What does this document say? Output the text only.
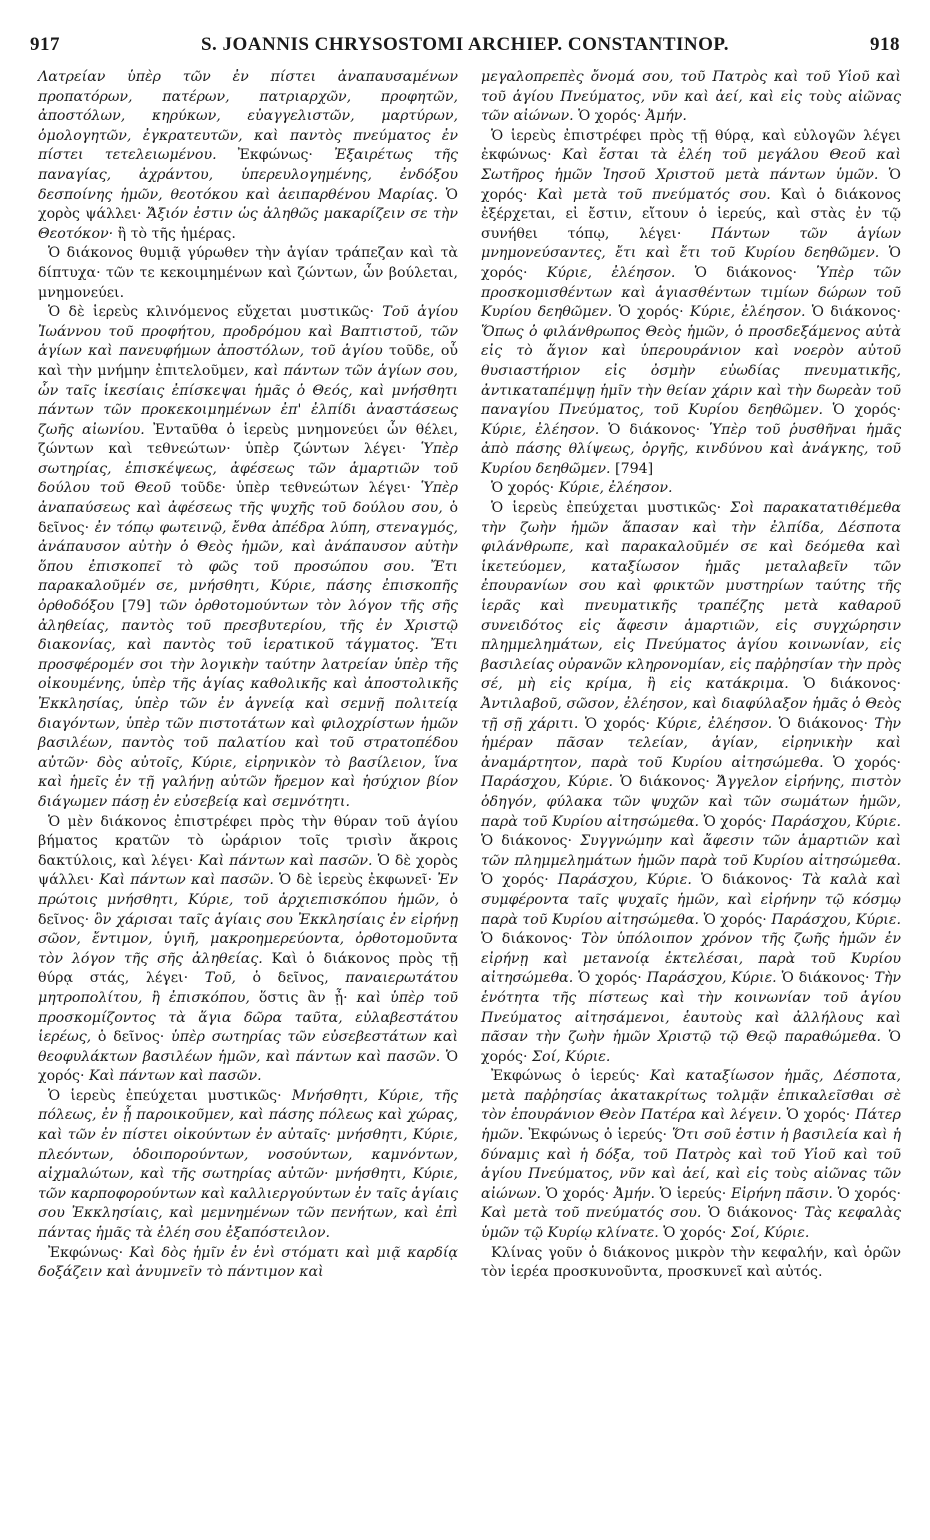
917	S. JOANNIS CHRYSOSTOMI ARCHIEP. CONSTANTINOP.	918

Λατρείαν ὑπὲρ τῶν ἐν πίστει ἀναπαυσαμένων προπατόρων, πατέρων, πατριαρχῶν, προφητῶν, ἀποστόλων, κηρύκων, εὐαγγελιστῶν, μαρτύρων, ὁμολογητῶν, ἐγκρατευτῶν, καὶ παντὸς πνεύματος ἐν πίστει τετελειωμένου. Ἐκφώνως· Ἐξαιρέτως τῆς παναγίας, ἀχράντου, ὑπερευλογημένης, ἐνδόξου δεσποίνης ἡμῶν, θεοτόκου καὶ ἀειπαρθένου Μαρίας. Ὁ χορὸς ψάλλει· Ἄξιόν ἐστιν ὡς ἀληθῶς μακαρίζειν σε τὴν Θεοτόκον· ἢ τὸ τῆς ἡμέρας.

Ὁ διάκονος θυμιᾷ γύρωθεν τὴν ἁγίαν τράπεζαν καὶ τὰ δίπτυχα· τῶν τε κεκοιμημένων καὶ ζώντων, ὧν βούλεται, μνημονεύει.

Ὁ δὲ ἱερεὺς κλινόμενος εὔχεται μυστικῶς· Τοῦ ἁγίου Ἰωάννου τοῦ προφήτου, προδρόμου καὶ Βαπτιστοῦ, τῶν ἁγίων καὶ πανευφήμων ἀποστόλων, τοῦ ἁγίου τοῦδε, οὗ καὶ τὴν μνήμην ἐπιτελοῦμεν, καὶ πάντων τῶν ἁγίων σου, ὧν ταῖς ἱκεσίαις ἐπίσκεψαι ἡμᾶς ὁ Θεός, καὶ μνήσθητι πάντων τῶν προκεκοιμημένων ἐπ' ἐλπίδι ἀναστάσεως ζωῆς αἰωνίου. Ἐνταῦθα ὁ ἱερεὺς μνημονεύει ὧν θέλει, ζώντων καὶ τεθνεώτων· ὑπὲρ ζώντων λέγει· Ὑπὲρ σωτηρίας, ἐπισκέψεως, ἀφέσεως τῶν ἁμαρτιῶν τοῦ δούλου τοῦ Θεοῦ τοῦδε· ὑπὲρ τεθνεώτων λέγει· Ὑπὲρ ἀναπαύσεως καὶ ἀφέσεως τῆς ψυχῆς τοῦ δούλου σου, ὁ δεῖνος· ἐν τόπῳ φωτεινῷ, ἔνθα ἀπέδρα λύπη, στεναγμός, ἀνάπαυσον αὐτὴν ὁ Θεὸς ἡμῶν, καὶ ἀνάπαυσον αὐτὴν ὅπου ἐπισκοπεῖ τὸ φῶς τοῦ προσώπου σου. Ἔτι παρακαλοῦμέν σε, μνήσθητι, Κύριε, πάσης ἐπισκοπῆς ὀρθοδόξου [79] τῶν ὀρθοτομούντων τὸν λόγον τῆς σῆς ἀληθείας, παντὸς τοῦ πρεσβυτερίου, τῆς ἐν Χριστῷ διακονίας, καὶ παντὸς τοῦ ἱερατικοῦ τάγματος. Ἔτι προσφέρομέν σοι τὴν λογικὴν ταύτην λατρείαν ὑπὲρ τῆς οἰκουμένης, ὑπὲρ τῆς ἁγίας καθολικῆς καὶ ἀποστολικῆς Ἐκκλησίας, ὑπὲρ τῶν ἐν ἁγνείᾳ καὶ σεμνῇ πολιτείᾳ διαγόντων, ὑπὲρ τῶν πιστοτάτων καὶ φιλοχρίστων ἡμῶν βασιλέων, παντὸς τοῦ παλατίου καὶ τοῦ στρατοπέδου αὐτῶν· δὸς αὐτοῖς, Κύριε, εἰρηνικὸν τὸ βασίλειον, ἵνα καὶ ἡμεῖς ἐν τῇ γαλήνῃ αὐτῶν ἤρεμον καὶ ἡσύχιον βίον διάγωμεν πάσῃ ἐν εὐσεβείᾳ καὶ σεμνότητι.

Ὁ μὲν διάκονος ἐπιστρέφει πρὸς τὴν θύραν τοῦ ἁγίου βήματος κρατῶν τὸ ὠράριον τοῖς τρισὶν ἄκροις δακτύλοις, καὶ λέγει· Καὶ πάντων καὶ πασῶν. Ὁ δὲ χορὸς ψάλλει· Καὶ πάντων καὶ πασῶν. Ὁ δὲ ἱερεὺς ἐκφωνεῖ· Ἐν πρώτοις μνήσθητι, Κύριε, τοῦ ἀρχιεπισκόπου ἡμῶν, ὁ δεῖνος· ὃν χάρισαι ταῖς ἁγίαις σου Ἐκκλησίαις ἐν εἰρήνῃ σῶον, ἔντιμον, ὑγιῆ, μακροημερεύοντα, ὀρθοτομοῦντα τὸν λόγον τῆς σῆς ἀληθείας. Καὶ ὁ διάκονος πρὸς τῇ θύρᾳ στάς, λέγει· Τοῦ, ὁ δεῖνος, παναιερωτάτου μητροπολίτου, ἢ ἐπισκόπου, ὅστις ἂν ᾖ· καὶ ὑπὲρ τοῦ προσκομίζοντος τὰ ἅγια δῶρα ταῦτα, εὐλαβεστάτου ἱερέως, ὁ δεῖνος· ὑπὲρ σωτηρίας τῶν εὐσεβεστάτων καὶ θεοφυλάκτων βασιλέων ἡμῶν, καὶ πάντων καὶ πασῶν. Ὁ χορός· Καὶ πάντων καὶ πασῶν.

Ὁ ἱερεὺς ἐπεύχεται μυστικῶς· Μνήσθητι, Κύριε, τῆς πόλεως, ἐν ᾗ παροικοῦμεν, καὶ πάσης πόλεως καὶ χώρας, καὶ τῶν ἐν πίστει οἰκούντων ἐν αὐταῖς· μνήσθητι, Κύριε, πλεόντων, ὁδοιπορούντων, νοσούντων, καμνόντων, αἰχμαλώτων, καὶ τῆς σωτηρίας αὐτῶν· μνήσθητι, Κύριε, τῶν καρποφορούντων καὶ καλλιεργούντων ἐν ταῖς ἁγίαις σου Ἐκκλησίαις, καὶ μεμνημένων τῶν πενήτων, καὶ ἐπὶ πάντας ἡμᾶς τὰ ἐλέη σου ἐξαπόστειλον.

Ἐκφώνως· Καὶ δὸς ἡμῖν ἐν ἑνὶ στόματι καὶ μιᾷ καρδίᾳ δοξάζειν καὶ ἀνυμνεῖν τὸ πάντιμον καὶ

μεγαλοπρεπὲς ὄνομά σου, τοῦ Πατρὸς καὶ τοῦ Υἱοῦ καὶ τοῦ ἁγίου Πνεύματος, νῦν καὶ ἀεί, καὶ εἰς τοὺς αἰῶνας τῶν αἰώνων. Ὁ χορός· Ἀμήν.

Ὁ ἱερεὺς ἐπιστρέφει πρὸς τῇ θύρᾳ, καὶ εὐλογῶν λέγει ἐκφώνως· Καὶ ἔσται τὰ ἐλέη τοῦ μεγάλου Θεοῦ καὶ Σωτῆρος ἡμῶν Ἰησοῦ Χριστοῦ μετὰ πάντων ὑμῶν. Ὁ χορός· Καὶ μετὰ τοῦ πνεύματός σου. Καὶ ὁ διάκονος ἐξέρχεται, εἰ ἔστιν, εἴτουν ὁ ἱερεύς, καὶ στὰς ἐν τῷ συνήθει τόπῳ, λέγει· Πάντων τῶν ἁγίων μνημονεύσαντες, ἔτι καὶ ἔτι τοῦ Κυρίου δεηθῶμεν. Ὁ χορός· Κύριε, ἐλέησον. Ὁ διάκονος· Ὑπὲρ τῶν προσκομισθέντων καὶ ἁγιασθέντων τιμίων δώρων τοῦ Κυρίου δεηθῶμεν. Ὁ χορός· Κύριε, ἐλέησον. Ὁ διάκονος· Ὅπως ὁ φιλάνθρωπος Θεὸς ἡμῶν, ὁ προσδεξάμενος αὐτὰ εἰς τὸ ἅγιον καὶ ὑπερουράνιον καὶ νοερὸν αὐτοῦ θυσιαστήριον εἰς ὀσμὴν εὐωδίας πνευματικῆς, ἀντικαταπέμψῃ ἡμῖν τὴν θείαν χάριν καὶ τὴν δωρεὰν τοῦ παναγίου Πνεύματος, τοῦ Κυρίου δεηθῶμεν. Ὁ χορός· Κύριε, ἐλέησον. Ὁ διάκονος· Ὑπὲρ τοῦ ῥυσθῆναι ἡμᾶς ἀπὸ πάσης θλίψεως, ὀργῆς, κινδύνου καὶ ἀνάγκης, τοῦ Κυρίου δεηθῶμεν. [794]

Ὁ χορός· Κύριε, ἐλέησον.

Ὁ ἱερεὺς ἐπεύχεται μυστικῶς· Σοὶ παρακατατιθέμεθα τὴν ζωὴν ἡμῶν ἅπασαν καὶ τὴν ἐλπίδα, Δέσποτα φιλάνθρωπε, καὶ παρακαλοῦμέν σε καὶ δεόμεθα καὶ ἱκετεύομεν, καταξίωσον ἡμᾶς μεταλαβεῖν τῶν ἐπουρανίων σου καὶ φρικτῶν μυστηρίων ταύτης τῆς ἱερᾶς καὶ πνευματικῆς τραπέζης μετὰ καθαροῦ συνειδότος εἰς ἄφεσιν ἁμαρτιῶν, εἰς συγχώρησιν πλημμελημάτων, εἰς Πνεύματος ἁγίου κοινωνίαν, εἰς βασιλείας οὐρανῶν κληρονομίαν, εἰς παῤῥησίαν τὴν πρὸς σέ, μὴ εἰς κρίμα, ἢ εἰς κατάκριμα. Ὁ διάκονος· Ἀντιλαβοῦ, σῶσον, ἐλέησον, καὶ διαφύλαξον ἡμᾶς ὁ Θεὸς τῇ σῇ χάριτι. Ὁ χορός· Κύριε, ἐλέησον. Ὁ διάκονος· Τὴν ἡμέραν πᾶσαν τελείαν, ἁγίαν, εἰρηνικὴν καὶ ἀναμάρτητον, παρὰ τοῦ Κυρίου αἰτησώμεθα. Ὁ χορός· Παράσχου, Κύριε. Ὁ διάκονος· Ἄγγελον εἰρήνης, πιστὸν ὁδηγόν, φύλακα τῶν ψυχῶν καὶ τῶν σωμάτων ἡμῶν, παρὰ τοῦ Κυρίου αἰτησώμεθα. Ὁ χορός· Παράσχου, Κύριε. Ὁ διάκονος· Συγγνώμην καὶ ἄφεσιν τῶν ἁμαρτιῶν καὶ τῶν πλημμελημάτων ἡμῶν παρὰ τοῦ Κυρίου αἰτησώμεθα. Ὁ χορός· Παράσχου, Κύριε. Ὁ διάκονος· Τὰ καλὰ καὶ συμφέροντα ταῖς ψυχαῖς ἡμῶν, καὶ εἰρήνην τῷ κόσμῳ παρὰ τοῦ Κυρίου αἰτησώμεθα. Ὁ χορός· Παράσχου, Κύριε. Ὁ διάκονος· Τὸν ὑπόλοιπον χρόνον τῆς ζωῆς ἡμῶν ἐν εἰρήνῃ καὶ μετανοίᾳ ἐκτελέσαι, παρὰ τοῦ Κυρίου αἰτησώμεθα. Ὁ χορός· Παράσχου, Κύριε. Ὁ διάκονος· Τὴν ἑνότητα τῆς πίστεως καὶ τὴν κοινωνίαν τοῦ ἁγίου Πνεύματος αἰτησάμενοι, ἑαυτοὺς καὶ ἀλλήλους καὶ πᾶσαν τὴν ζωὴν ἡμῶν Χριστῷ τῷ Θεῷ παραθώμεθα. Ὁ χορός· Σοί, Κύριε.

Ἐκφώνως ὁ ἱερεύς· Καὶ καταξίωσον ἡμᾶς, Δέσποτα, μετὰ παῤῥησίας ἀκατακρίτως τολμᾷν ἐπικαλεῖσθαι σὲ τὸν ἐπουράνιον Θεὸν Πατέρα καὶ λέγειν. Ὁ χορός· Πάτερ ἡμῶν. Ἐκφώνως ὁ ἱερεύς· Ὅτι σοῦ ἐστιν ἡ βασιλεία καὶ ἡ δύναμις καὶ ἡ δόξα, τοῦ Πατρὸς καὶ τοῦ Υἱοῦ καὶ τοῦ ἁγίου Πνεύματος, νῦν καὶ ἀεί, καὶ εἰς τοὺς αἰῶνας τῶν αἰώνων. Ὁ χορός· Ἀμήν. Ὁ ἱερεύς· Εἰρήνη πᾶσιν. Ὁ χορός· Καὶ μετὰ τοῦ πνεύματός σου. Ὁ διάκονος· Τὰς κεφαλὰς ὑμῶν τῷ Κυρίῳ κλίνατε. Ὁ χορός· Σοί, Κύριε.

Κλίνας γοῦν ὁ διάκονος μικρὸν τὴν κεφαλήν, καὶ ὁρῶν τὸν ἱερέα προσκυνοῦντα, προσκυνεῖ καὶ αὐτός.
